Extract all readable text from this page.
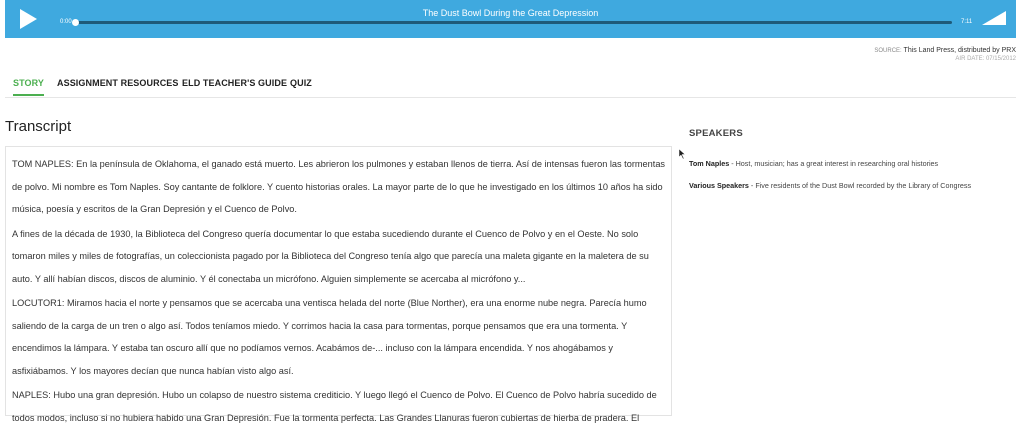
The Dust Bowl During the Great Depression
0:00	7:11
SOURCE: This Land Press, distributed by PRX
AIR DATE: 07/15/2012
STORY ASSIGNMENT RESOURCES ELD TEACHER'S GUIDE QUIZ
Transcript

TOM NAPLES: En la península de Oklahoma, el ganado está muerto. Les abrieron los pulmones y estaban llenos de tierra. Así de intensas fueron las tormentas de polvo. Mi nombre es Tom Naples. Soy cantante de folklore. Y cuento historias orales. La mayor parte de lo que he investigado en los últimos 10 años ha sido música, poesía y escritos de la Gran Depresión y el Cuenco de Polvo.

A fines de la década de 1930, la Biblioteca del Congreso quería documentar lo que estaba sucediendo durante el Cuenco de Polvo y en el Oeste. No solo tomaron miles y miles de fotografías, un coleccionista pagado por la Biblioteca del Congreso tenía algo que parecía una maleta gigante en la maletera de su auto. Y allí habían discos, discos de aluminio. Y él conectaba un micrófono. Alguien simplemente se acercaba al micrófono y...

LOCUTOR1: Miramos hacia el norte y pensamos que se acercaba una ventisca helada del norte (Blue Norther), era una enorme nube negra. Parecía humo saliendo de la carga de un tren o algo así. Todos teníamos miedo. Y corrimos hacia la casa para tormentas, porque pensamos que era una tormenta. Y encendimos la lámpara. Y estaba tan oscuro allí que no podíamos vernos. Acabámos de-... incluso con la lámpara encendida. Y nos ahogábamos y asfixiábamos. Y los mayores decían que nunca habían visto algo así.

NAPLES: Hubo una gran depresión. Hubo un colapso de nuestro sistema crediticio. Y luego llegó el Cuenco de Polvo. El Cuenco de Polvo habría sucedido de todos modos, incluso si no hubiera habido una Gran Depresión. Fue la tormenta perfecta. Las Grandes Llanuras fueron cubiertas de hierba de pradera. El

SPEAKERS
Tom Naples - Host, musician; has a great interest in researching oral histories
Various Speakers - Five residents of the Dust Bowl recorded by the Library of Congress
